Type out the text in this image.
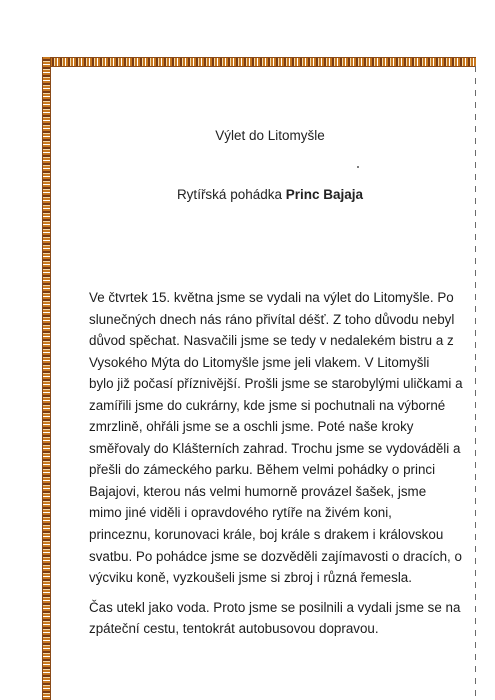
Výlet do Litomyšle
Rytířská pohádka Princ Bajaja

Ve čtvrtek 15. května jsme se vydali na výlet do Litomyšle. Po
slunečných dnech nás ráno přivítal déšť. Z toho důvodu nebyl
důvod spěchat. Nasvačili jsme se tedy v nedalekém bistru a z
Vysokého Mýta do Litomyšle jsme jeli vlakem. V Litomyšli
bylo již počasí příznivější. Prošli jsme se starobylými uličkami a
zamířili jsme do cukrárny, kde jsme si pochutnali na výborné
zmrzlině, ohřáli jsme se a oschli jsme. Poté naše kroky
směřovaly do Klášterních zahrad. Trochu jsme se vydováděli a
přešli do zámeckého parku. Během velmi pohádky o princi
Bajajovi, kterou nás velmi humorně provázel šašek, jsme
mimo jiné viděli i opravdového rytíře na živém koni,
princeznu, korunovaci krále, boj krále s drakem i královskou
svatbu. Po pohádce jsme se dozvěděli zajímavosti o dracích, o
výcviku koně, vyzkoušeli jsme si zbroj i různá řemesla.

Čas utekl jako voda. Proto jsme se posilnili a vydali jsme se na
zpáteční cestu, tentokrát autobusovou dopravou.
